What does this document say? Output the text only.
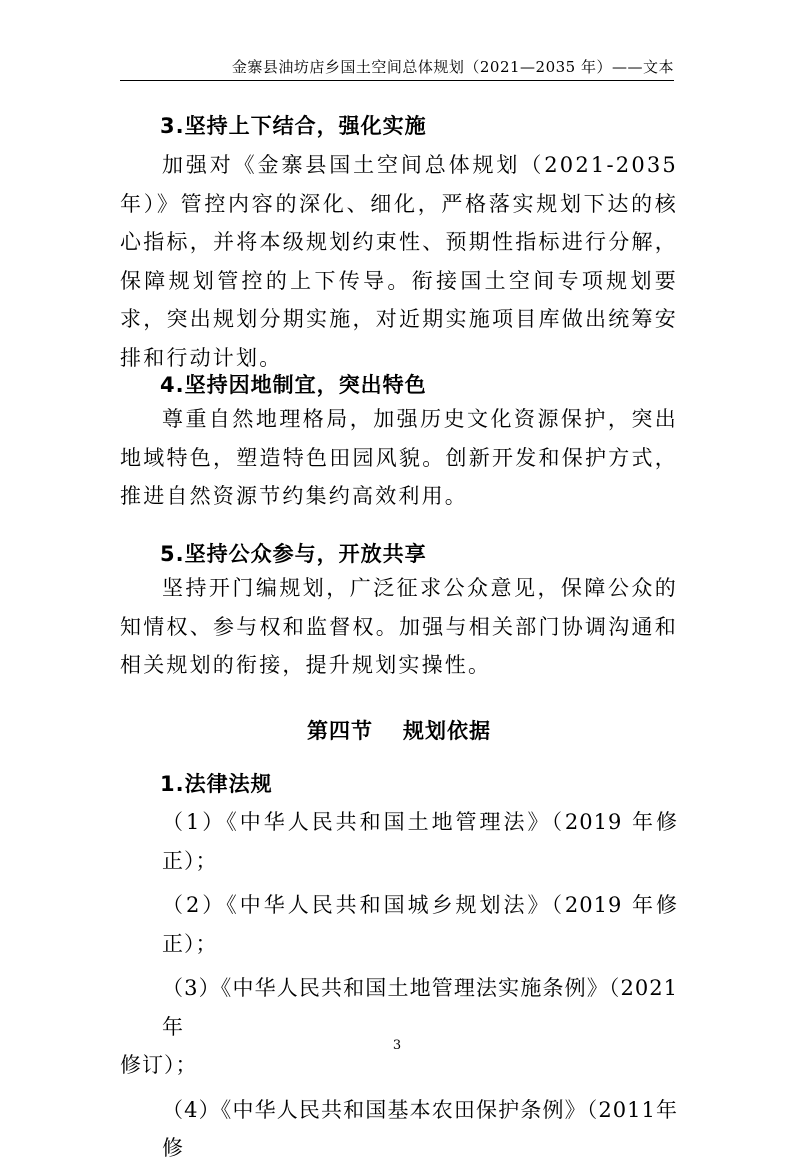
金寨县油坊店乡国土空间总体规划（2021—2035 年）——文本
3.坚持上下结合，强化实施
加强对《金寨县国土空间总体规划（2021-2035年）》管控内容的深化、细化，严格落实规划下达的核心指标，并将本级规划约束性、预期性指标进行分解，保障规划管控的上下传导。衔接国土空间专项规划要求，突出规划分期实施，对近期实施项目库做出统筹安排和行动计划。
4.坚持因地制宜，突出特色
尊重自然地理格局，加强历史文化资源保护，突出地域特色，塑造特色田园风貌。创新开发和保护方式，推进自然资源节约集约高效利用。
5.坚持公众参与，开放共享
坚持开门编规划，广泛征求公众意见，保障公众的知情权、参与权和监督权。加强与相关部门协调沟通和相关规划的衔接，提升规划实操性。
第四节 规划依据
1.法律法规
（1）《中华人民共和国土地管理法》（2019 年修正）；
（2）《中华人民共和国城乡规划法》（2019 年修正）；
（3）《中华人民共和国土地管理法实施条例》（2021年
修订）；
（4）《中华人民共和国基本农田保护条例》（2011年修
3
